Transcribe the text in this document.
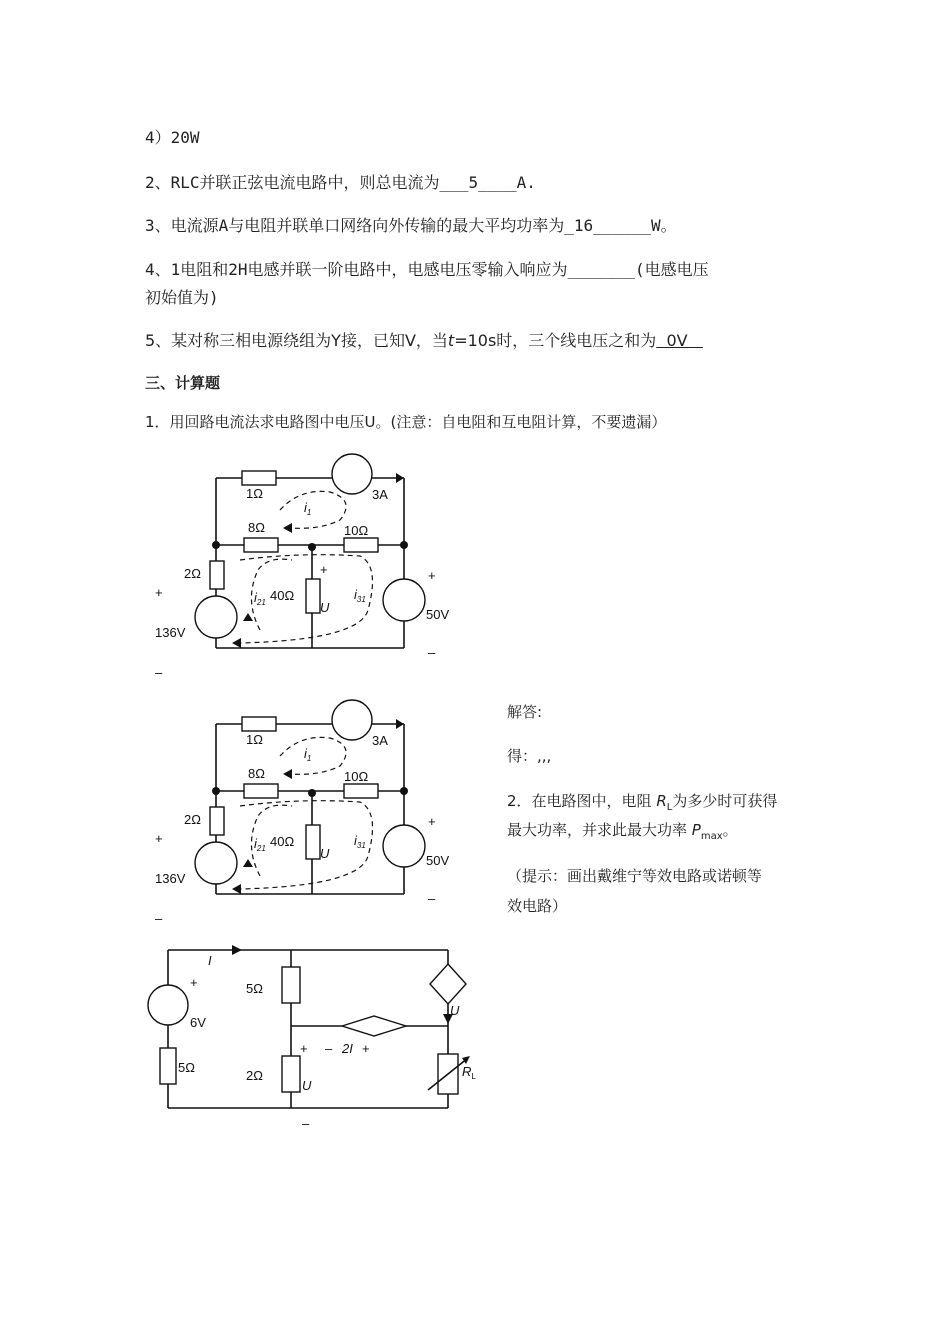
4）20W
2、RLC并联正弦电流电路中，则总电流为___5____A.
3、电流源A与电阻并联单口网络向外传输的最大平均功率为_16______W。
4、1电阻和2H电感并联一阶电路中，电感电压零输入响应为_______(电感电压
初始值为)
5、某对称三相电源绕组为Y接，已知V，当t=10s时，三个线电压之和为  0V
三、计算题
1．用回路电流法求电路图中电压U。(注意：自电阻和互电阻计算，不要遗漏）
解答:
得：,,,
2．在电路图中，电阻 $R_L$为多少时可获得
最大功率，并求此最大功率 $P_{max}$。
（提示：画出戴维宁等效电路或诺顿等
效电路）
1Ω	3A
$i_1$
8Ω	10Ω
2Ω	+	+
+	$i_{21}$ 40Ω	$i_{31}$
U	50V
136V
–
–
1Ω	3A
$i_1$
8Ω	10Ω
2Ω	+
+	$i_{21}$ 40Ω	$i_{31}$
U	50V
136V
–
–
I
+	5Ω
U
6V
+ – 2I +
5Ω	$R_L$
2Ω
U
–
